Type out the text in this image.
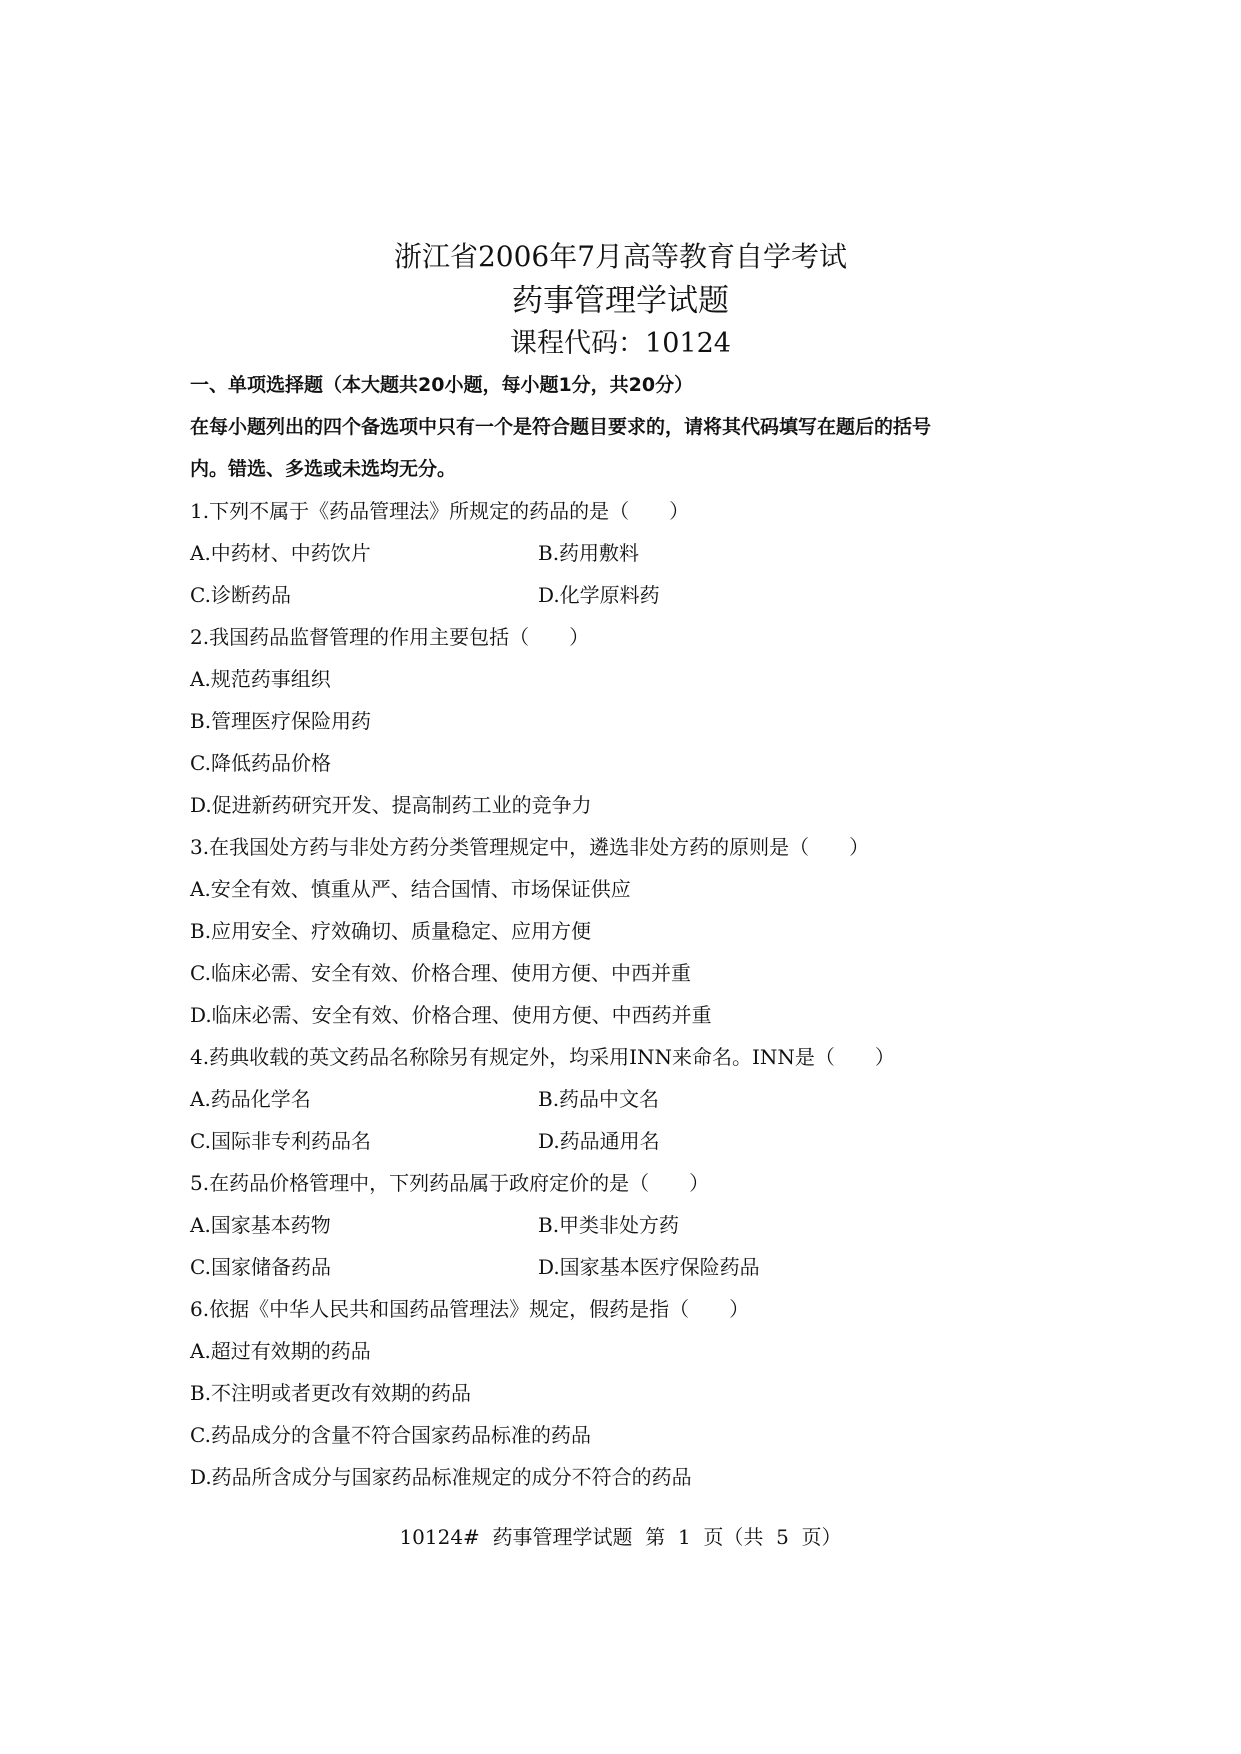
浙江省2006年7月高等教育自学考试
药事管理学试题
课程代码：10124
一、单项选择题（本大题共20小题，每小题1分，共20分）
在每小题列出的四个备选项中只有一个是符合题目要求的，请将其代码填写在题后的括号
内。错选、多选或未选均无分。
1.下列不属于《药品管理法》所规定的药品的是（　　）
A.中药材、中药饮片	B.药用敷料
C.诊断药品	D.化学原料药
2.我国药品监督管理的作用主要包括（　　）
A.规范药事组织
B.管理医疗保险用药
C.降低药品价格
D.促进新药研究开发、提高制药工业的竞争力
3.在我国处方药与非处方药分类管理规定中，遴选非处方药的原则是（　　）
A.安全有效、慎重从严、结合国情、市场保证供应
B.应用安全、疗效确切、质量稳定、应用方便
C.临床必需、安全有效、价格合理、使用方便、中西并重
D.临床必需、安全有效、价格合理、使用方便、中西药并重
4.药典收载的英文药品名称除另有规定外，均采用INN来命名。INN是（　　）
A.药品化学名	B.药品中文名
C.国际非专利药品名	D.药品通用名
5.在药品价格管理中，下列药品属于政府定价的是（　　）
A.国家基本药物	B.甲类非处方药
C.国家储备药品	D.国家基本医疗保险药品
6.依据《中华人民共和国药品管理法》规定，假药是指（　　）
A.超过有效期的药品
B.不注明或者更改有效期的药品
C.药品成分的含量不符合国家药品标准的药品
D.药品所含成分与国家药品标准规定的成分不符合的药品
10124#  药事管理学试题  第  1  页（共  5  页）
